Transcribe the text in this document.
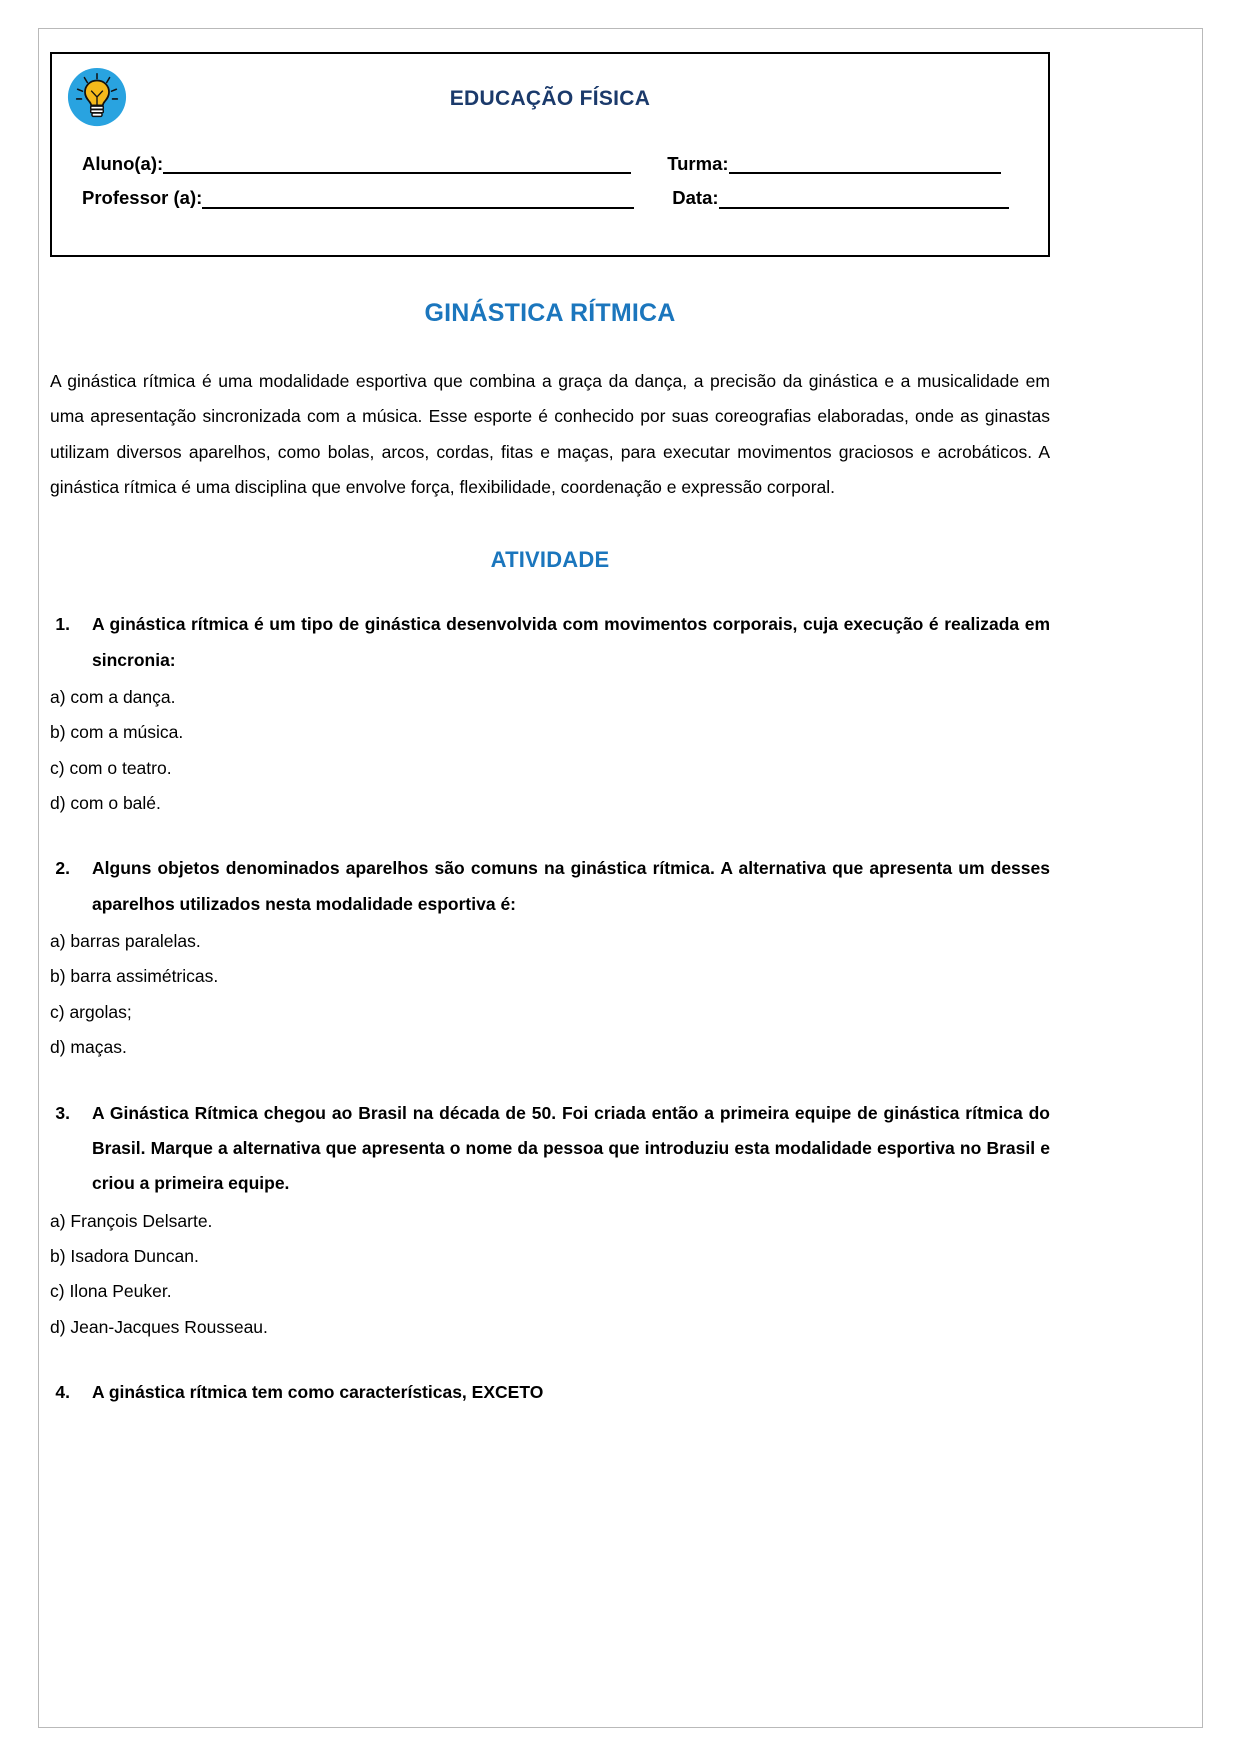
EDUCAÇÃO FÍSICA
Aluno(a):	Turma:
Professor (a):	Data:
GINÁSTICA RÍTMICA

A ginástica rítmica é uma modalidade esportiva que combina a graça da dança, a precisão da ginástica e a musicalidade em uma apresentação sincronizada com a música. Esse esporte é conhecido por suas coreografias elaboradas, onde as ginastas utilizam diversos aparelhos, como bolas, arcos, cordas, fitas e maças, para executar movimentos graciosos e acrobáticos. A ginástica rítmica é uma disciplina que envolve força, flexibilidade, coordenação e expressão corporal.

ATIVIDADE
1.	A ginástica rítmica é um tipo de ginástica desenvolvida com movimentos corporais, cuja execução é realizada em sincronia:
a) com a dança.
b) com a música.
c) com o teatro.
d) com o balé.
2.	Alguns objetos denominados aparelhos são comuns na ginástica rítmica. A alternativa que apresenta um desses aparelhos utilizados nesta modalidade esportiva é:
a) barras paralelas.
b) barra assimétricas.
c) argolas;
d) maças.
3.	A Ginástica Rítmica chegou ao Brasil na década de 50. Foi criada então a primeira equipe de ginástica rítmica do Brasil. Marque a alternativa que apresenta o nome da pessoa que introduziu esta modalidade esportiva no Brasil e criou a primeira equipe.
a) François Delsarte.
b) Isadora Duncan.
c) Ilona Peuker.
d) Jean-Jacques Rousseau.
4.	A ginástica rítmica tem como características, EXCETO
